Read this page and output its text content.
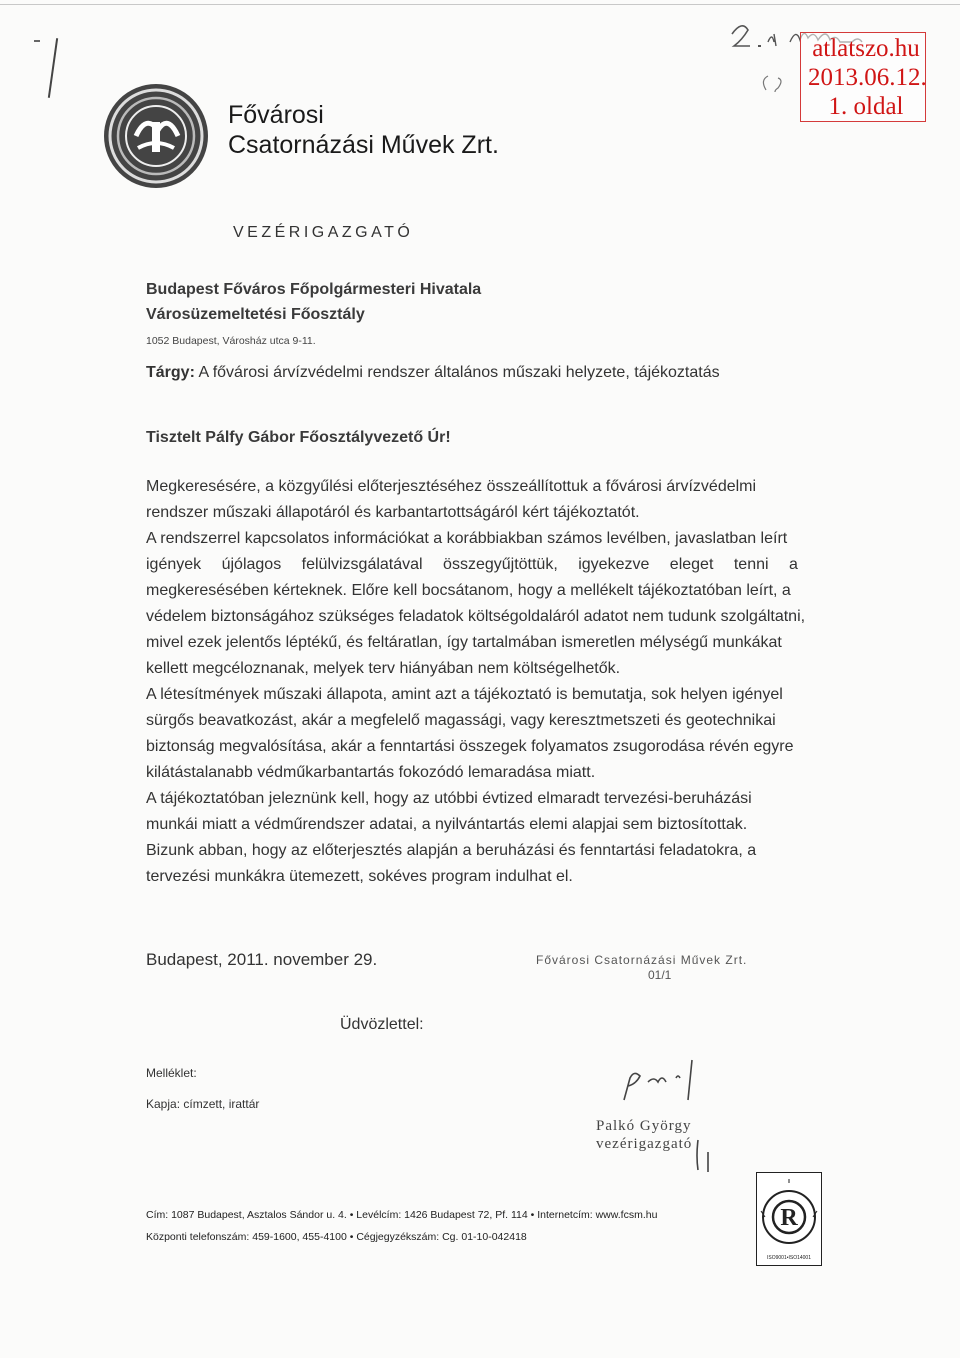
atlatszo.hu
2013.06.12.
1. oldal
Fővárosi
Csatornázási Művek Zrt.
VEZÉRIGAZGATÓ
Budapest Főváros Főpolgármesteri Hivatala
Városüzemeltetési Főosztály
1052 Budapest, Városház utca 9-11.
Tárgy: A fővárosi árvízvédelmi rendszer általános műszaki helyzete, tájékoztatás
Tisztelt Pálfy Gábor Főosztályvezető Úr!

Megkeresésére, a közgyűlési előterjesztéséhez összeállítottuk a fővárosi árvízvédelmi
rendszer műszaki állapotáról és karbantartottságáról kért tájékoztatót.

A rendszerrel kapcsolatos információkat a korábbiakban számos levélben, javaslatban leírt
igények újólagos felülvizsgálatával összegyűjtöttük, igyekezve eleget tenni a
megkeresésében kérteknek. Előre kell bocsátanom, hogy a mellékelt tájékoztatóban leírt, a
védelem biztonságához szükséges feladatok költségoldaláról adatot nem tudunk szolgáltatni,
mivel ezek jelentős léptékű, és feltáratlan, így tartalmában ismeretlen mélységű munkákat
kellett megcéloznanak, melyek terv hiányában nem költségelhetők.

A létesítmények műszaki állapota, amint azt a tájékoztató is bemutatja, sok helyen igényel
sürgős beavatkozást, akár a megfelelő magassági, vagy keresztmetszeti és geotechnikai
biztonság megvalósítása, akár a fenntartási összegek folyamatos zsugorodása révén egyre
kilátástalanabb védműkarbantartás fokozódó lemaradása miatt.

A tájékoztatóban jeleznünk kell, hogy az utóbbi évtized elmaradt tervezési-beruházási
munkái miatt a védműrendszer adatai, a nyilvántartás elemi alapjai sem biztosítottak.

Bizunk abban, hogy az előterjesztés alapján a beruházási és fenntartási feladatokra, a
tervezési munkákra ütemezett, sokéves program indulhat el.

Budapest, 2011. november 29.	Fővárosi Csatornázási Művek Zrt.
01/1
Üdvözlettel:
Melléklet:
Kapja: címzett, irattár
Palkó György
vezérigazgató
Cím: 1087 Budapest, Asztalos Sándor u. 4. • Levélcím: 1426 Budapest 72, Pf. 114 • Internetcím: www.fcsm.hu
Központi telefonszám: 459-1600, 455-4100 • Cégjegyzékszám: Cg. 01-10-042418
R
ISO9001•ISO14001
